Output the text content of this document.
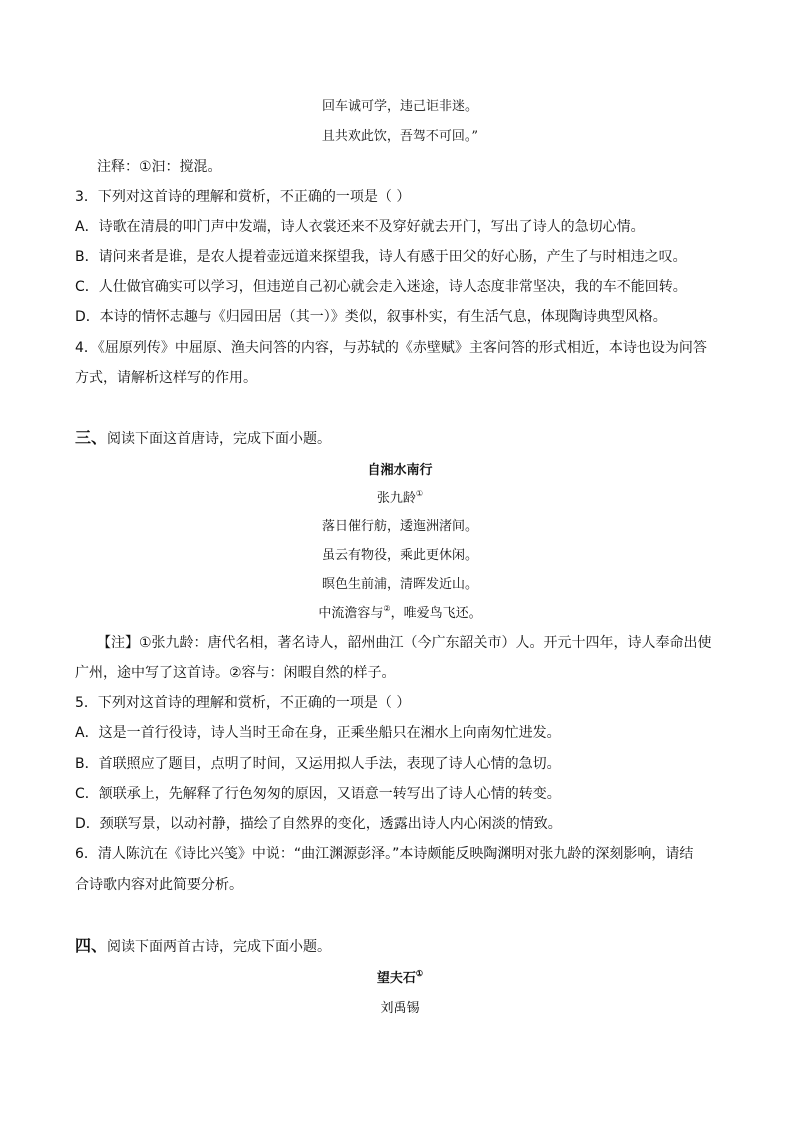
回车诚可学，违己讵非迷。
且共欢此饮，吾驾不可回。”
注释：①汩：搅混。
3．下列对这首诗的理解和赏析，不正确的一项是（ ）
A．诗歌在清晨的叩门声中发端，诗人衣裳还来不及穿好就去开门，写出了诗人的急切心情。
B．请问来者是谁，是农人提着壶远道来探望我，诗人有感于田父的好心肠，产生了与时相违之叹。
C．人仕做官确实可以学习，但违逆自己初心就会走入迷途，诗人态度非常坚决，我的车不能回转。
D．本诗的情怀志趣与《归园田居（其一）》类似，叙事朴实，有生活气息，体现陶诗典型风格。
4．《屈原列传》中屈原、渔夫问答的内容，与苏轼的《赤壁赋》主客问答的形式相近，本诗也设为问答
方式，请解析这样写的作用。
三、阅读下面这首唐诗，完成下面小题。
自湘水南行
张九龄①
落日催行舫，逶迤洲渚间。
虽云有物役，乘此更休闲。
暝色生前浦，清晖发近山。
中流澹容与②，唯爱鸟飞还。
【注】①张九龄：唐代名相，著名诗人，韶州曲江（今广东韶关市）人。开元十四年，诗人奉命出使
广州，途中写了这首诗。②容与：闲暇自然的样子。
5．下列对这首诗的理解和赏析，不正确的一项是（ ）
A．这是一首行役诗，诗人当时王命在身，正乘坐船只在湘水上向南匆忙进发。
B．首联照应了题目，点明了时间，又运用拟人手法，表现了诗人心情的急切。
C．颔联承上，先解释了行色匆匆的原因，又语意一转写出了诗人心情的转变。
D．颈联写景，以动衬静，描绘了自然界的变化，透露出诗人内心闲淡的情致。
6．清人陈沆在《诗比兴笺》中说：“曲江渊源彭泽。”本诗颇能反映陶渊明对张九龄的深刻影响，请结
合诗歌内容对此简要分析。
四、阅读下面两首古诗，完成下面小题。
望夫石①
刘禹锡
